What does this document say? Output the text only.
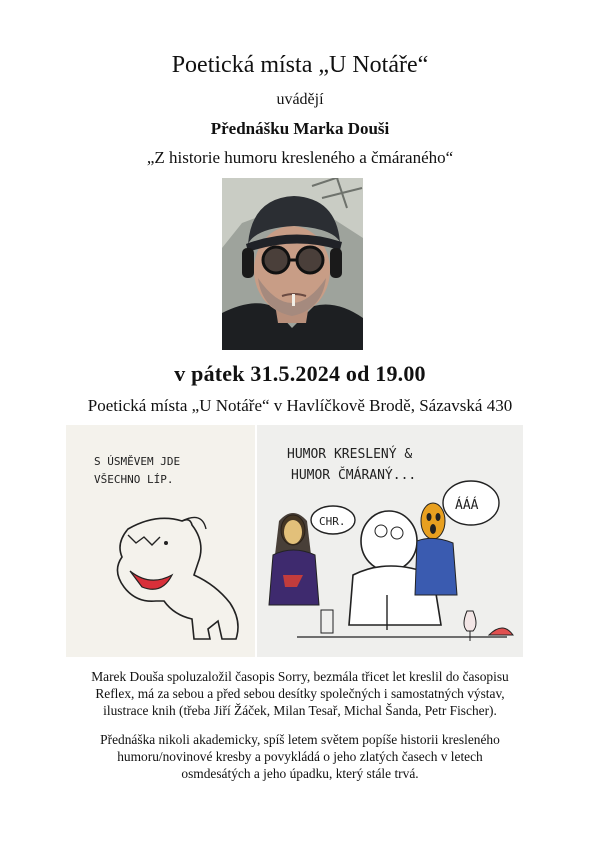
Poetická místa „U Notáře“
uvádějí
Přednášku Marka Douši
„Z historie humoru kresleného a čmáraného“
v pátek 31.5.2024 od 19.00
Poetická místa „U Notáře“ v Havlíčkově Brodě, Sázavská 430
S ÚSMĚVEM JDE
VŠECHNO LÍP.
HUMOR KRESLENÝ &
HUMOR ČMÁRANÝ...
CHR.
ÁÁÁ
Marek Douša spoluzaložil časopis Sorry, bezmála třicet let kreslil do časopisu
Reflex, má za sebou a před sebou desítky společných i samostatných výstav,
ilustrace knih (třeba Jiří Žáček, Milan Tesař, Michal Šanda, Petr Fischer).
Přednáška nikoli akademicky, spíš letem světem popíše historii kresleného
humoru/novinové kresby a povykládá o jeho zlatých časech v letech
osmdesátých a jeho úpadku, který stále trvá.
